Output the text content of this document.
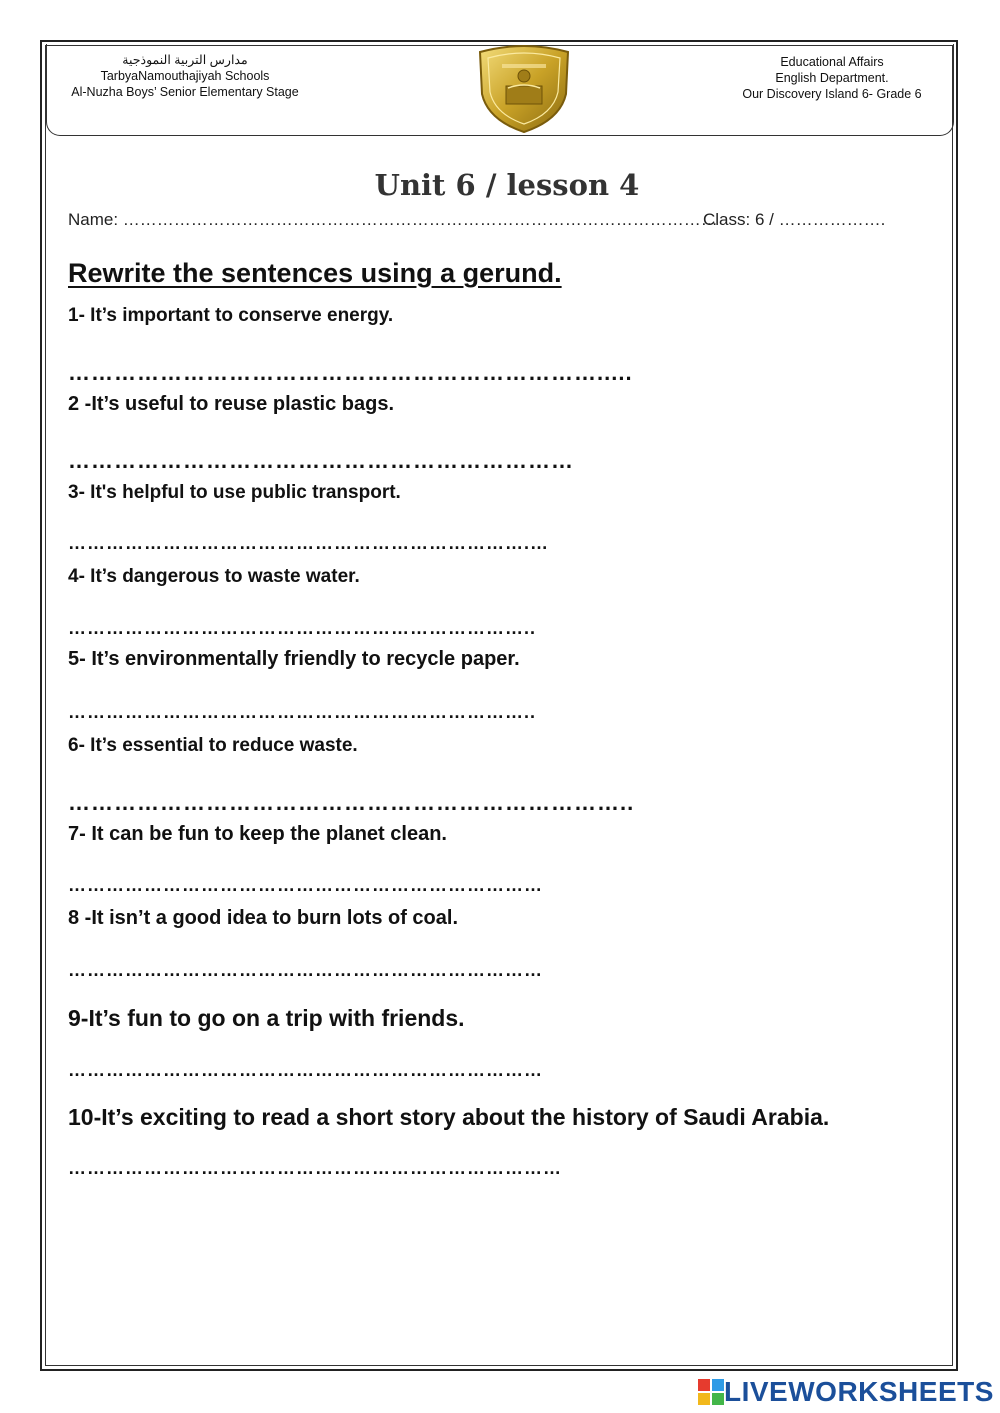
مدارس التربية النموذجية
TarbyaNamouthajiyah Schools
Al-Nuzha Boys’ Senior Elementary Stage
Educational Affairs
English Department.
Our Discovery Island 6- Grade 6
Unit 6 / lesson 4
Name: ……………………………………………………………………………………………
Class: 6 / ……………….
Rewrite the sentences using a gerund.
1- It’s important to conserve energy.
…………………………………………………………….....
2 -It’s useful to reuse plastic bags.
…………………………………………………………
3- It's helpful to use public transport.
……………………………………………………………….…
4- It’s dangerous to waste water.
………………………………………………………………..
5- It’s environmentally friendly to recycle paper.
………………………………………………………………..
6- It’s essential to reduce waste.
………………………………………………………………..
7- It can be fun to keep the planet clean.
…………………………………………………………………
8 -It isn’t a good idea to burn lots of coal.
…………………………………………………………………
9-It’s fun to go on a trip with friends.
…………………………………………………………………
10-It’s exciting to read a short story about the history of Saudi Arabia.
……………………………………………………………………
LIVEWORKSHEETS
